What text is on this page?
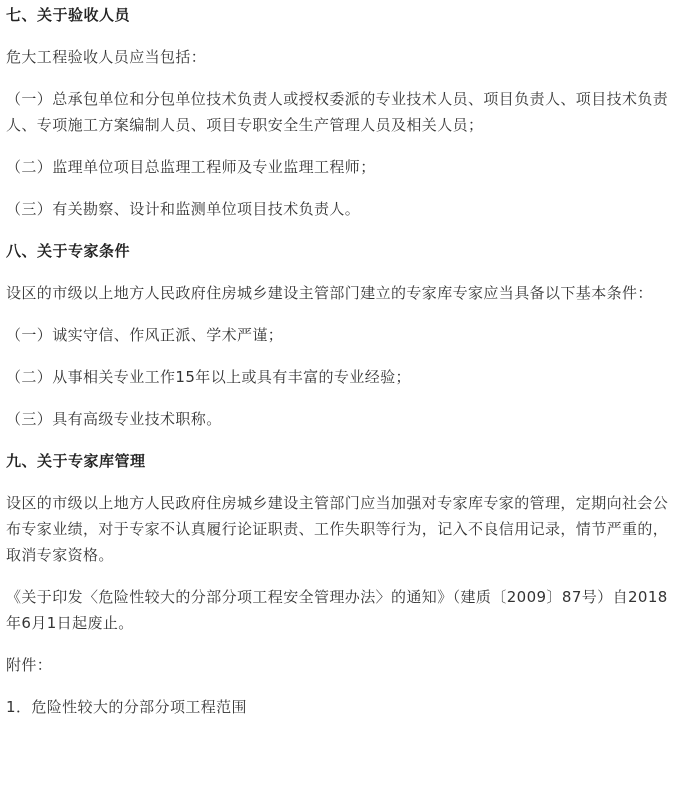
七、关于验收人员

危大工程验收人员应当包括：

（一）总承包单位和分包单位技术负责人或授权委派的专业技术人员、项目负责人、项目技术负责人、专项施工方案编制人员、项目专职安全生产管理人员及相关人员；

（二）监理单位项目总监理工程师及专业监理工程师；

（三）有关勘察、设计和监测单位项目技术负责人。

八、关于专家条件

设区的市级以上地方人民政府住房城乡建设主管部门建立的专家库专家应当具备以下基本条件：

（一）诚实守信、作风正派、学术严谨；

（二）从事相关专业工作15年以上或具有丰富的专业经验；

（三）具有高级专业技术职称。

九、关于专家库管理

设区的市级以上地方人民政府住房城乡建设主管部门应当加强对专家库专家的管理，定期向社会公布专家业绩，对于专家不认真履行论证职责、工作失职等行为，记入不良信用记录，情节严重的，取消专家资格。

《关于印发〈危险性较大的分部分项工程安全管理办法〉的通知》（建质〔2009〕87号）自2018年6月1日起废止。

附件：

1．危险性较大的分部分项工程范围
